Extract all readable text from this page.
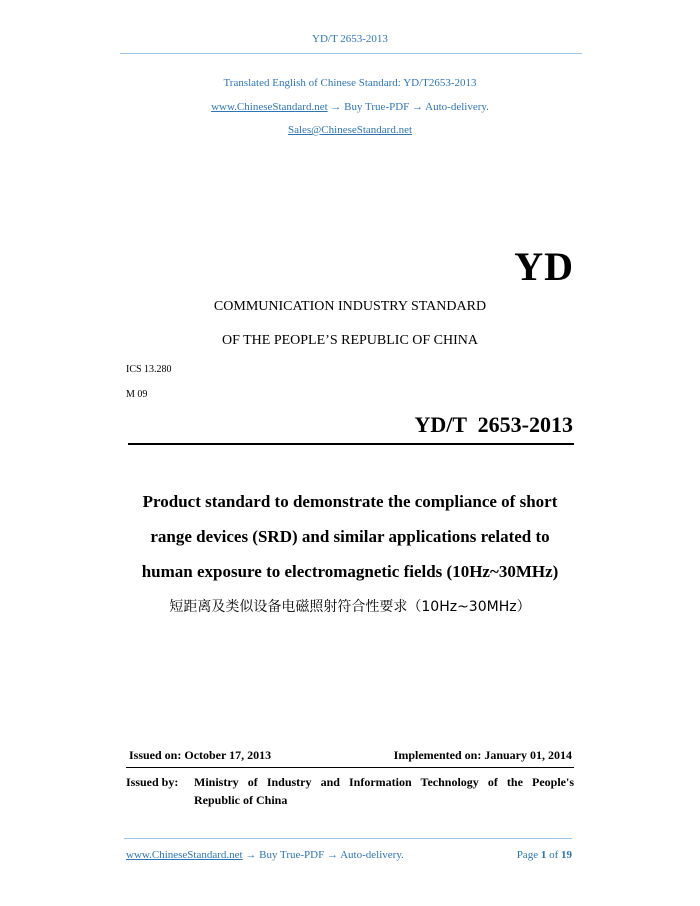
YD/T 2653-2013
Translated English of Chinese Standard: YD/T2653-2013
www.ChineseStandard.net → Buy True-PDF → Auto-delivery.
Sales@ChineseStandard.net
YD
COMMUNICATION INDUSTRY STANDARD
OF THE PEOPLE’S REPUBLIC OF CHINA
ICS 13.280
M 09
YD/T  2653-2013
Product standard to demonstrate the compliance of short
range devices (SRD) and similar applications related to
human exposure to electromagnetic fields (10Hz~30MHz)
短距离及类似设备电磁照射符合性要求（10Hz~30MHz）
Issued on: October 17, 2013	Implemented on: January 01, 2014
Issued by: Ministry of Industry and Information Technology of the People's
Republic of China
www.ChineseStandard.net → Buy True-PDF → Auto-delivery.	Page 1 of 19
